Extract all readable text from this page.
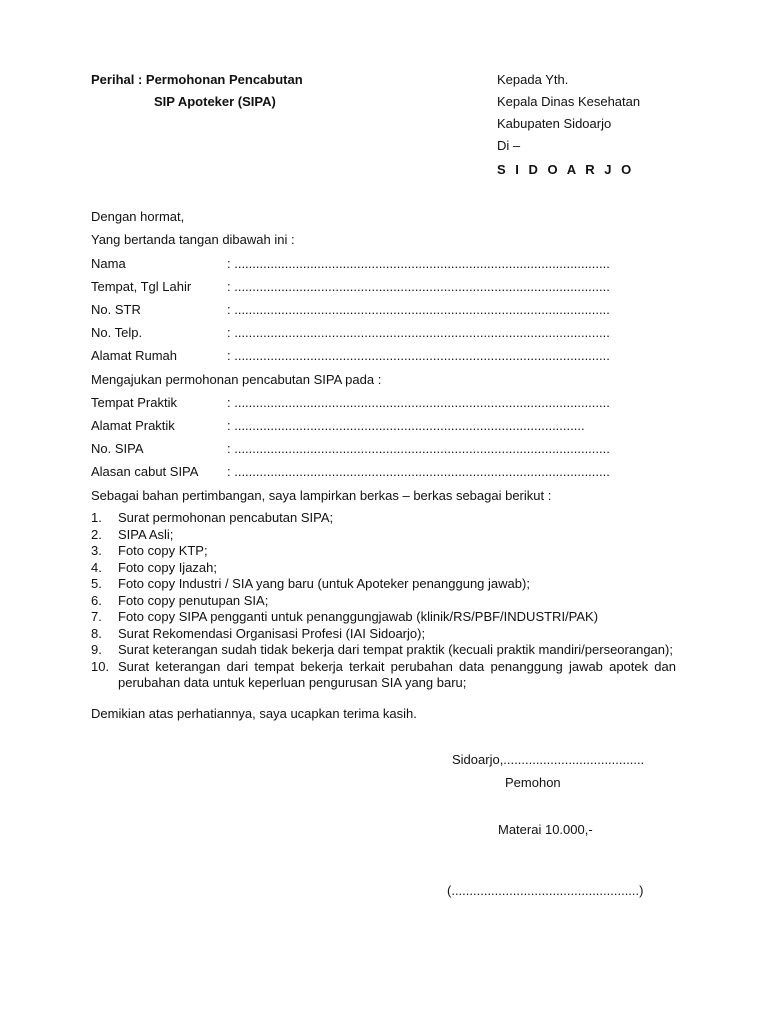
Perihal : Permohonan Pencabutan
SIP Apoteker (SIPA)
Kepada Yth.
Kepala Dinas Kesehatan
Kabupaten Sidoarjo
Di –
S I D O A R J O
Dengan hormat,
Yang bertanda tangan dibawah ini :
Nama	: ........................................................................................................
Tempat, Tgl Lahir	: ........................................................................................................
No. STR	: ........................................................................................................
No. Telp.	: ........................................................................................................
Alamat Rumah	: ........................................................................................................
Mengajukan permohonan pencabutan SIPA pada :
Tempat Praktik	: ........................................................................................................
Alamat Praktik	: .................................................................................................
No. SIPA	: ........................................................................................................
Alasan cabut SIPA : ........................................................................................................
Sebagai bahan pertimbangan, saya lampirkan berkas – berkas sebagai berikut :
1. Surat permohonan pencabutan SIPA;
2. SIPA Asli;
3. Foto copy KTP;
4. Foto copy Ijazah;
5. Foto copy Industri / SIA yang baru (untuk Apoteker penanggung jawab);
6. Foto copy penutupan SIA;
7. Foto copy SIPA pengganti untuk penanggungjawab (klinik/RS/PBF/INDUSTRI/PAK)
8. Surat Rekomendasi Organisasi Profesi (IAI Sidoarjo);
9. Surat keterangan sudah tidak bekerja dari tempat praktik (kecuali praktik mandiri/perseorangan);
10. Surat keterangan dari tempat bekerja terkait perubahan data penanggung jawab apotek dan perubahan data untuk keperluan pengurusan SIA yang baru;
Demikian atas perhatiannya, saya ucapkan terima kasih.
Sidoarjo,.......................................
Pemohon
Materai 10.000,-
(....................................................)
